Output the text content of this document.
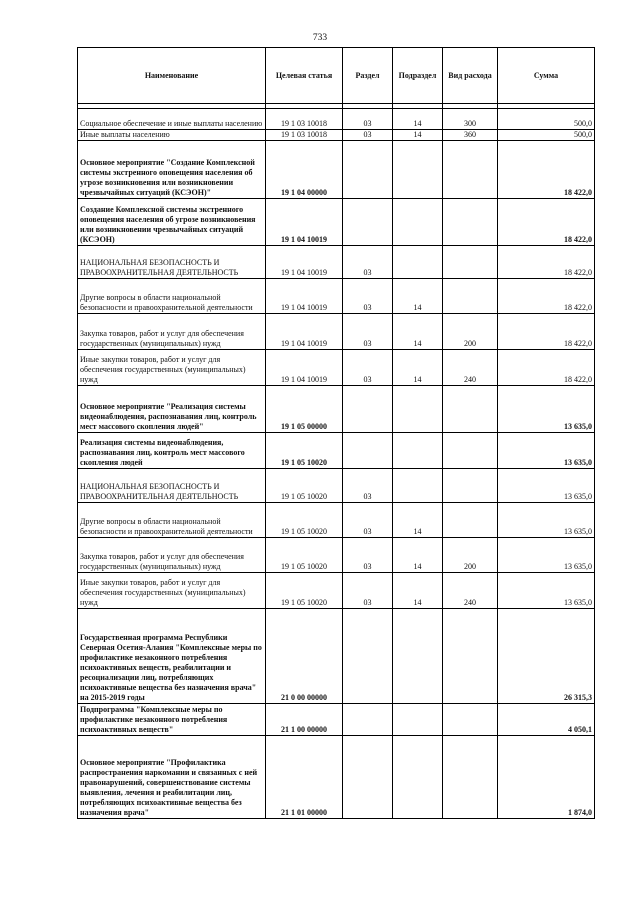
733
Наименование	Целевая статья	Раздел	Подраздел	Вид расхода	Сумма

Социальное обеспечение и иные выплаты населению	19 1 03 10018	03	14	300	500,0
Иные выплаты населению	19 1 03 10018	03	14	360	500,0
Основное мероприятие "Создание Комплексной системы экстренного оповещения населения об угрозе возникновения или возникновении чрезвычайных ситуаций (КСЭОН)"	19 1 04 00000				18 422,0
Создание Комплексной системы экстренного оповещения населения об угрозе возникновения или возникновении чрезвычайных ситуаций (КСЭОН)	19 1 04 10019				18 422,0
НАЦИОНАЛЬНАЯ БЕЗОПАСНОСТЬ И ПРАВООХРАНИТЕЛЬНАЯ ДЕЯТЕЛЬНОСТЬ	19 1 04 10019	03			18 422,0
Другие вопросы в области национальной безопасности и правоохранительной деятельности	19 1 04 10019	03	14		18 422,0
Закупка товаров, работ и услуг для обеспечения государственных (муниципальных) нужд	19 1 04 10019	03	14	200	18 422,0
Иные закупки товаров, работ и услуг для обеспечения государственных (муниципальных) нужд	19 1 04 10019	03	14	240	18 422,0
Основное мероприятие "Реализация системы видеонаблюдения, распознавания лиц, контроль мест массового скопления людей"	19 1 05 00000				13 635,0
Реализация системы видеонаблюдения, распознавания лиц, контроль мест массового скопления людей	19 1 05 10020				13 635,0
НАЦИОНАЛЬНАЯ БЕЗОПАСНОСТЬ И ПРАВООХРАНИТЕЛЬНАЯ ДЕЯТЕЛЬНОСТЬ	19 1 05 10020	03			13 635,0
Другие вопросы в области национальной безопасности и правоохранительной деятельности	19 1 05 10020	03	14		13 635,0
Закупка товаров, работ и услуг для обеспечения государственных (муниципальных) нужд	19 1 05 10020	03	14	200	13 635,0
Иные закупки товаров, работ и услуг для обеспечения государственных (муниципальных) нужд	19 1 05 10020	03	14	240	13 635,0
Государственная программа Республики Северная Осетия-Алания "Комплексные меры по профилактике незаконного потребления психоактивных веществ, реабилитации и ресоциализации лиц, потребляющих психоактивные вещества без назначения врача" на 2015-2019 годы	21 0 00 00000				26 315,3
Подпрограмма "Комплексные меры по профилактике незаконного потребления психоактивных веществ"	21 1 00 00000				4 050,1
Основное мероприятие "Профилактика распространения наркомании и связанных с ней правонарушений, совершенствование системы выявления, лечения и реабилитации лиц, потребляющих психоактивные вещества без назначения врача"	21 1 01 00000				1 874,0
